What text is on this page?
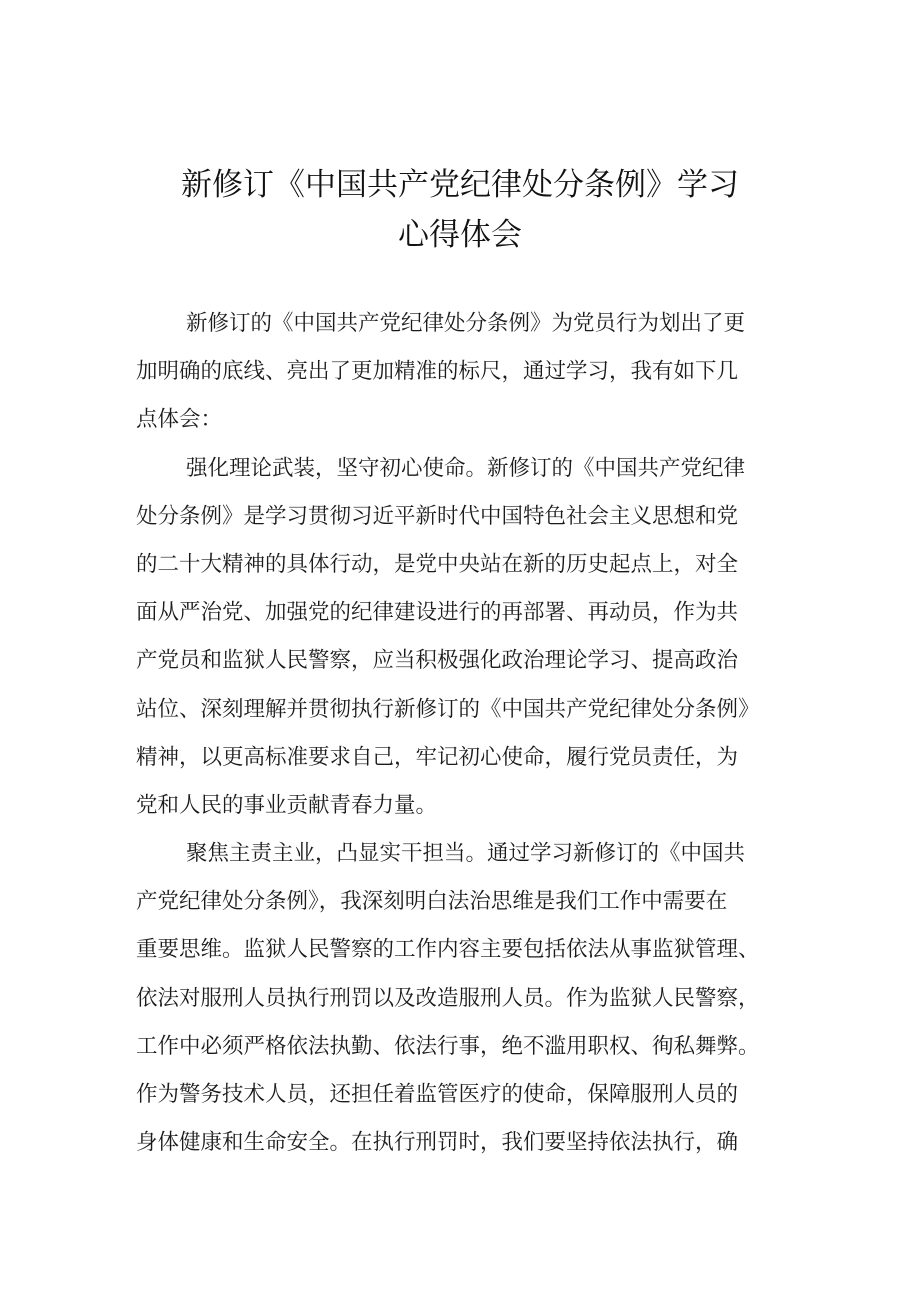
新修订《中国共产党纪律处分条例》学习
心得体会
新修订的《中国共产党纪律处分条例》为党员行为划出了更
加明确的底线、亮出了更加精准的标尺，通过学习，我有如下几
点体会：
强化理论武装，坚守初心使命。新修订的《中国共产党纪律
处分条例》是学习贯彻习近平新时代中国特色社会主义思想和党
的二十大精神的具体行动，是党中央站在新的历史起点上，对全
面从严治党、加强党的纪律建设进行的再部署、再动员，作为共
产党员和监狱人民警察，应当积极强化政治理论学习、提高政治
站位、深刻理解并贯彻执行新修订的《中国共产党纪律处分条例》
精神，以更高标准要求自己，牢记初心使命，履行党员责任，为
党和人民的事业贡献青春力量。
聚焦主责主业，凸显实干担当。通过学习新修订的《中国共
产党纪律处分条例》，我深刻明白法治思维是我们工作中需要在
重要思维。监狱人民警察的工作内容主要包括依法从事监狱管理、
依法对服刑人员执行刑罚以及改造服刑人员。作为监狱人民警察，
工作中必须严格依法执勤、依法行事，绝不滥用职权、徇私舞弊。
作为警务技术人员，还担任着监管医疗的使命，保障服刑人员的
身体健康和生命安全。在执行刑罚时，我们要坚持依法执行，确
